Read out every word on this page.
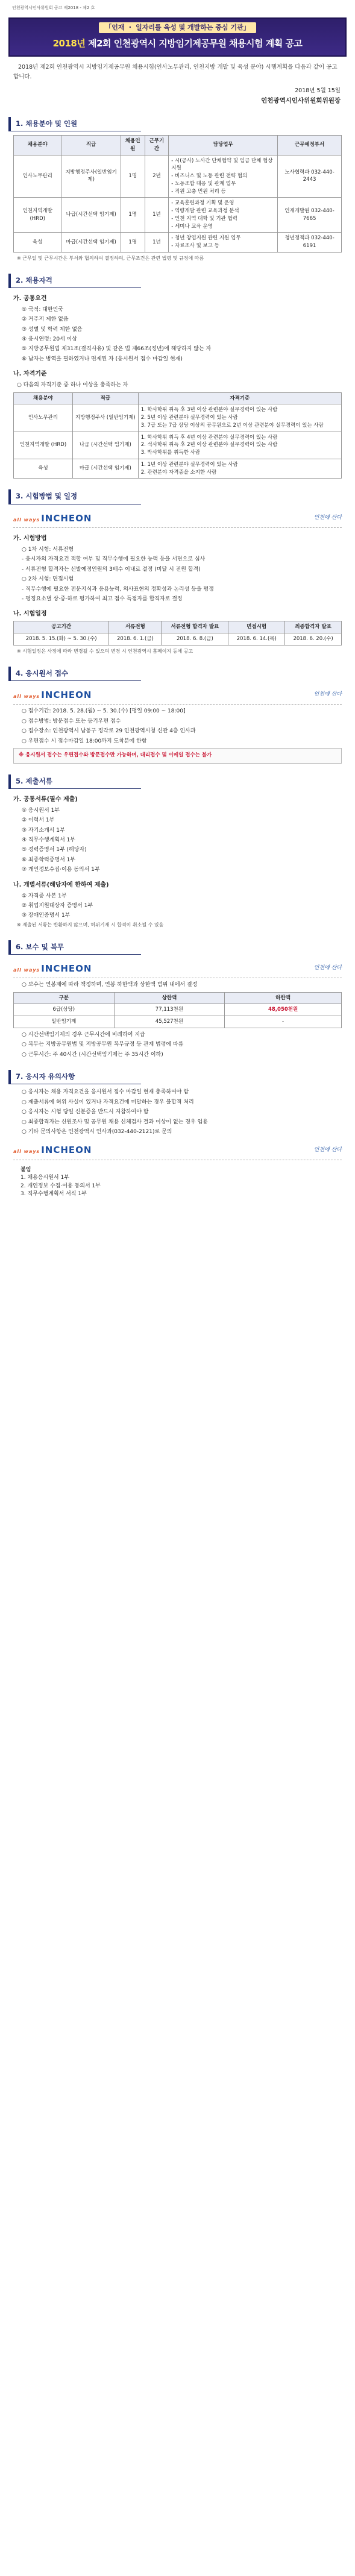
인천광역시인사위원회 공고 제2018 - 제2 호
「인재 ・ 일자리를 육성 및 개발하는 중심 기관」
2018년 제2회 인천광역시 지방임기제공무원 채용시험 계획 공고

2018년 제2회 인천광역시 지방임기제공무원 채용시험(인사노무관리, 인천지방 개발 및 육성 분야) 시행계획을 다음과 같이 공고합니다.

2018년 5월 15일
인천광역시인사위원회위원장
1. 채용분야 및 인원
채용분야	직급	채용인원	근무기간	담당업무	근무예정부서
인사노무관리	지방행정주사(일반임기제)	1명	2년	- 시(공사) 노사간 단체협약 및 임금 단체 협상 지원
- 비즈니스 및 노동 관련 전략 협의
- 노동조합 대응 및 관계 업무
- 직원 고충 민원 처리 등	노사협력과 032-440-2443
인천지역개발(HRD)	나급(시간선택 임기제)	1명	1년	- 교육훈련과정 기획 및 운영
- 역량개발 관련 교육과정 분석
- 인천 지역 대학 및 기관 협력
- 세미나 교육 운영	인재개발원 032-440-7665
육성	마급(시간선택 임기제)	1명	1년	- 청년 창업지원 관련 지원 업무
- 자료조사 및 보고 등	청년정책과 032-440-6191

※ 근무일 및 근무시간은 부서와 협의하여 결정하며, 근무조건은 관련 법령 및 규정에 따름

2. 채용자격
가. 공통요건

① 국적: 대한민국

② 거주지 제한 없음

③ 성별 및 학력 제한 없음

④ 응시연령: 20세 이상

⑤ 지방공무원법 제31조(결격사유) 및 같은 법 제66조(정년)에 해당하지 않는 자

⑥ 남자는 병역을 필하였거나 면제된 자 (응시원서 접수 마감일 현재)

나. 자격기준

○ 다음의 자격기준 중 하나 이상을 충족하는 자

채용분야	직급	자격기준
인사노무관리	지방행정주사 (일반임기제)	1. 학사학위 취득 후 3년 이상 관련분야 실무경력이 있는 사람
2. 5년 이상 관련분야 실무경력이 있는 사람
3. 7급 또는 7급 상당 이상의 공무원으로 2년 이상 관련분야 실무경력이 있는 사람
인천지역개발 (HRD)	나급 (시간선택 임기제)	1. 학사학위 취득 후 4년 이상 관련분야 실무경력이 있는 사람
2. 석사학위 취득 후 2년 이상 관련분야 실무경력이 있는 사람
3. 박사학위를 취득한 사람
육성	마급 (시간선택 임기제)	1. 1년 이상 관련분야 실무경력이 있는 사람
2. 관련분야 자격증을 소지한 사람
3. 시험방법 및 일정
all ways INCHEON	인천에 산다
가. 시험방법

○ 1차 시험: 서류전형

- 응시자의 자격요건 적합 여부 및 직무수행에 필요한 능력 등을 서면으로 심사

- 서류전형 합격자는 선발예정인원의 3배수 이내로 결정 (미달 시 전원 합격)

○ 2차 시험: 면접시험

- 직무수행에 필요한 전문지식과 응용능력, 의사표현의 정확성과 논리성 등을 평정

- 평정요소별 상·중·하로 평가하여 최고 점수 득점자를 합격자로 결정

나. 시험일정
공고기간	서류전형	서류전형 합격자 발표	면접시험	최종합격자 발표
2018. 5. 15.(화) ~ 5. 30.(수)	2018. 6. 1.(금)	2018. 6. 8.(금)	2018. 6. 14.(목)	2018. 6. 20.(수)

※ 시험일정은 사정에 따라 변경될 수 있으며 변경 시 인천광역시 홈페이지 등에 공고

4. 응시원서 접수
all ways INCHEON	인천에 산다

○ 접수기간: 2018. 5. 28.(월) ~ 5. 30.(수) [평일 09:00 ~ 18:00]

○ 접수방법: 방문접수 또는 등기우편 접수

○ 접수장소: 인천광역시 남동구 정각로 29 인천광역시청 신관 4층 인사과

○ 우편접수 시 접수마감일 18:00까지 도착분에 한함

※ 응시원서 접수는 우편접수와 방문접수만 가능하며, 대리접수 및 이메일 접수는 불가
5. 제출서류
가. 공통서류(필수 제출)

① 응시원서 1부

② 이력서 1부

③ 자기소개서 1부

④ 직무수행계획서 1부

⑤ 경력증명서 1부 (해당자)

⑥ 최종학력증명서 1부

⑦ 개인정보수집·이용 동의서 1부

나. 개별서류(해당자에 한하여 제출)

① 자격증 사본 1부

② 취업지원대상자 증명서 1부

③ 장애인증명서 1부

※ 제출된 서류는 반환하지 않으며, 허위기재 시 합격이 취소될 수 있음

6. 보수 및 복무
all ways INCHEON	인천에 산다

○ 보수는 연봉제에 따라 책정하며, 연봉 하한액과 상한액 범위 내에서 결정

구분	상한액	하한액
6급(상당)	77,113천원	48,050천원
일반임기제	45,527천원	-

○ 시간선택임기제의 경우 근무시간에 비례하여 지급

○ 복무는 지방공무원법 및 지방공무원 복무규정 등 관계 법령에 따름

○ 근무시간: 주 40시간 (시간선택임기제는 주 35시간 이하)

7. 응시자 유의사항

○ 응시자는 채용 자격요건을 응시원서 접수 마감일 현재 충족하여야 함

○ 제출서류에 허위 사실이 있거나 자격요건에 미달하는 경우 불합격 처리

○ 응시자는 시험 당일 신분증을 반드시 지참하여야 함

○ 최종합격자는 신원조사 및 공무원 채용 신체검사 결과 이상이 없는 경우 임용

○ 기타 문의사항은 인천광역시 인사과(032-440-2121)로 문의

all ways INCHEON	인천에 산다
붙임

1. 채용응시원서 1부

2. 개인정보 수집·이용 동의서 1부

3. 직무수행계획서 서식 1부
